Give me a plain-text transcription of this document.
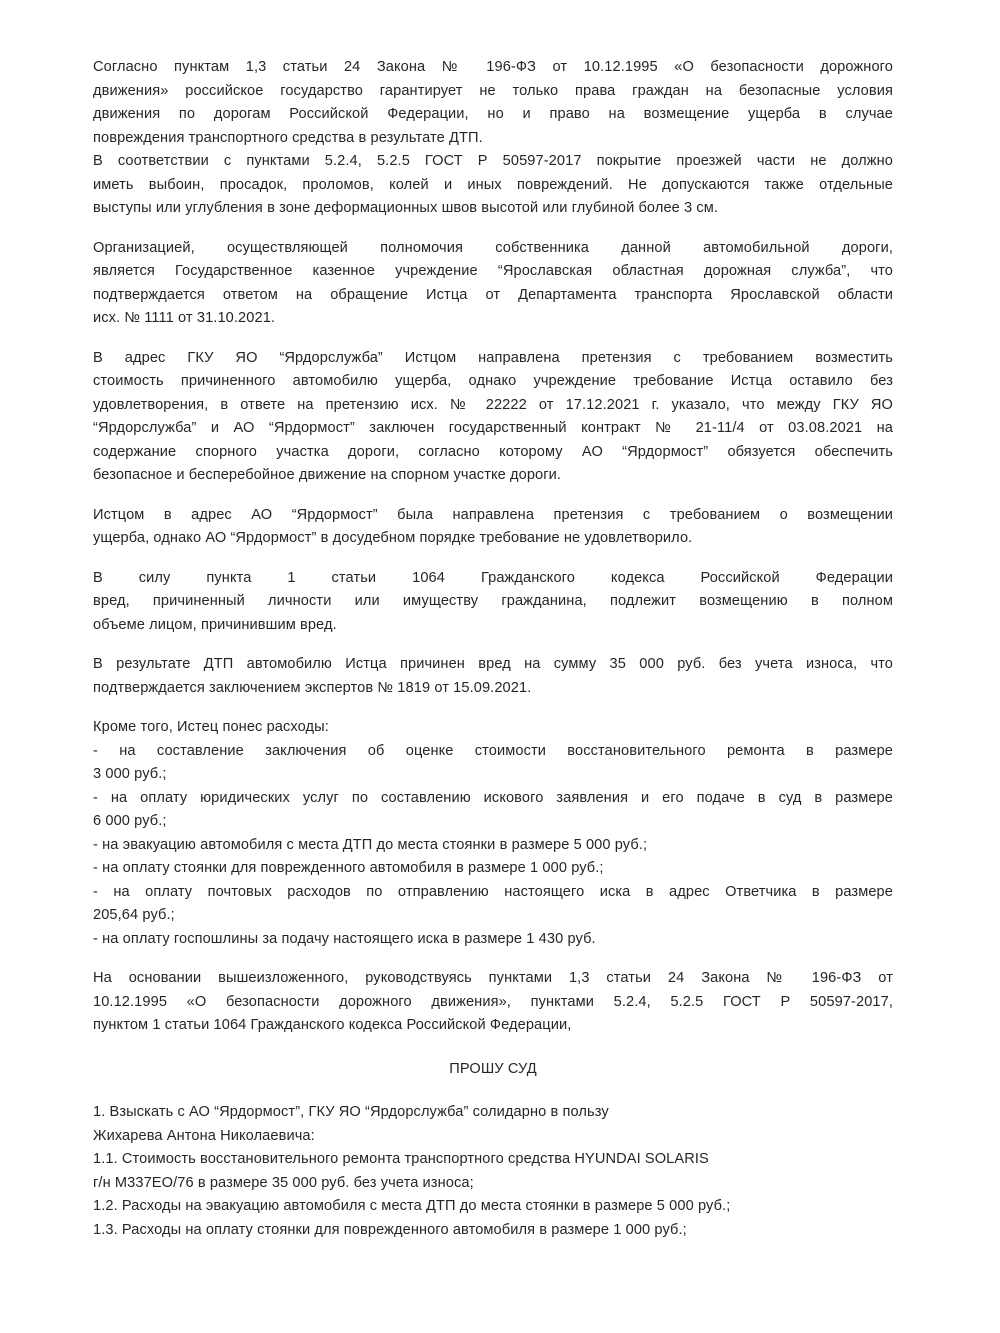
Согласно пунктам 1,3 статьи 24 Закона № 196-ФЗ от 10.12.1995 «О безопасности дорожного
движения» российское государство гарантирует не только права граждан на безопасные условия
движения по дорогам Российской Федерации, но и право на возмещение ущерба в случае
повреждения транспортного средства в результате ДТП.
В соответствии с пунктами 5.2.4, 5.2.5 ГОСТ Р 50597-2017 покрытие проезжей части не должно
иметь выбоин, просадок, проломов, колей и иных повреждений. Не допускаются также отдельные
выступы или углубления в зоне деформационных швов высотой или глубиной более 3 см.
Организацией, осуществляющей полномочия собственника данной автомобильной дороги,
является Государственное казенное учреждение “Ярославская областная дорожная служба”, что
подтверждается ответом на обращение Истца от Департамента транспорта Ярославской области
исх. № 1111 от 31.10.2021.
В адрес ГКУ ЯО “Ярдорслужба” Истцом направлена претензия с требованием возместить
стоимость причиненного автомобилю ущерба, однако учреждение требование Истца оставило без
удовлетворения, в ответе на претензию исх. № 22222 от 17.12.2021 г. указало, что между ГКУ ЯО
“Ярдорслужба” и АО “Ярдормост” заключен государственный контракт № 21-11/4 от 03.08.2021 на
содержание спорного участка дороги, согласно которому АО “Ярдормост” обязуется обеспечить
безопасное и бесперебойное движение на спорном участке дороги.
Истцом в адрес АО “Ярдормост” была направлена претензия с требованием о возмещении
ущерба, однако АО “Ярдормост” в досудебном порядке требование не удовлетворило.
В силу пункта 1 статьи 1064 Гражданского кодекса Российской Федерации
вред, причиненный личности или имуществу гражданина, подлежит возмещению в полном
объеме лицом, причинившим вред.
В результате ДТП автомобилю Истца причинен вред на сумму 35 000 руб. без учета износа, что
подтверждается заключением экспертов № 1819 от 15.09.2021.
Кроме того, Истец понес расходы:
- на составление заключения об оценке стоимости восстановительного ремонта в размере
3 000 руб.;
- на оплату юридических услуг по составлению искового заявления и его подаче в суд в размере
6 000 руб.;
- на эвакуацию автомобиля с места ДТП до места стоянки в размере 5 000 руб.;
- на оплату стоянки для поврежденного автомобиля в размере 1 000 руб.;
- на оплату почтовых расходов по отправлению настоящего иска в адрес Ответчика в размере
205,64 руб.;
- на оплату госпошлины за подачу настоящего иска в размере 1 430 руб.
На основании вышеизложенного, руководствуясь пунктами 1,3 статьи 24 Закона № 196-ФЗ от
10.12.1995 «О безопасности дорожного движения», пунктами 5.2.4, 5.2.5 ГОСТ Р 50597-2017,
пунктом 1 статьи 1064 Гражданского кодекса Российской Федерации,
ПРОШУ СУД
1. Взыскать с АО “Ярдормост”, ГКУ ЯО “Ярдорслужба” солидарно в пользу
Жихарева Антона Николаевича:
1.1. Стоимость восстановительного ремонта транспортного средства HYUNDAI SOLARIS
г/н М337ЕО/76 в размере 35 000 руб. без учета износа;
1.2. Расходы на эвакуацию автомобиля с места ДТП до места стоянки в размере 5 000 руб.;
1.3. Расходы на оплату стоянки для поврежденного автомобиля в размере 1 000 руб.;
